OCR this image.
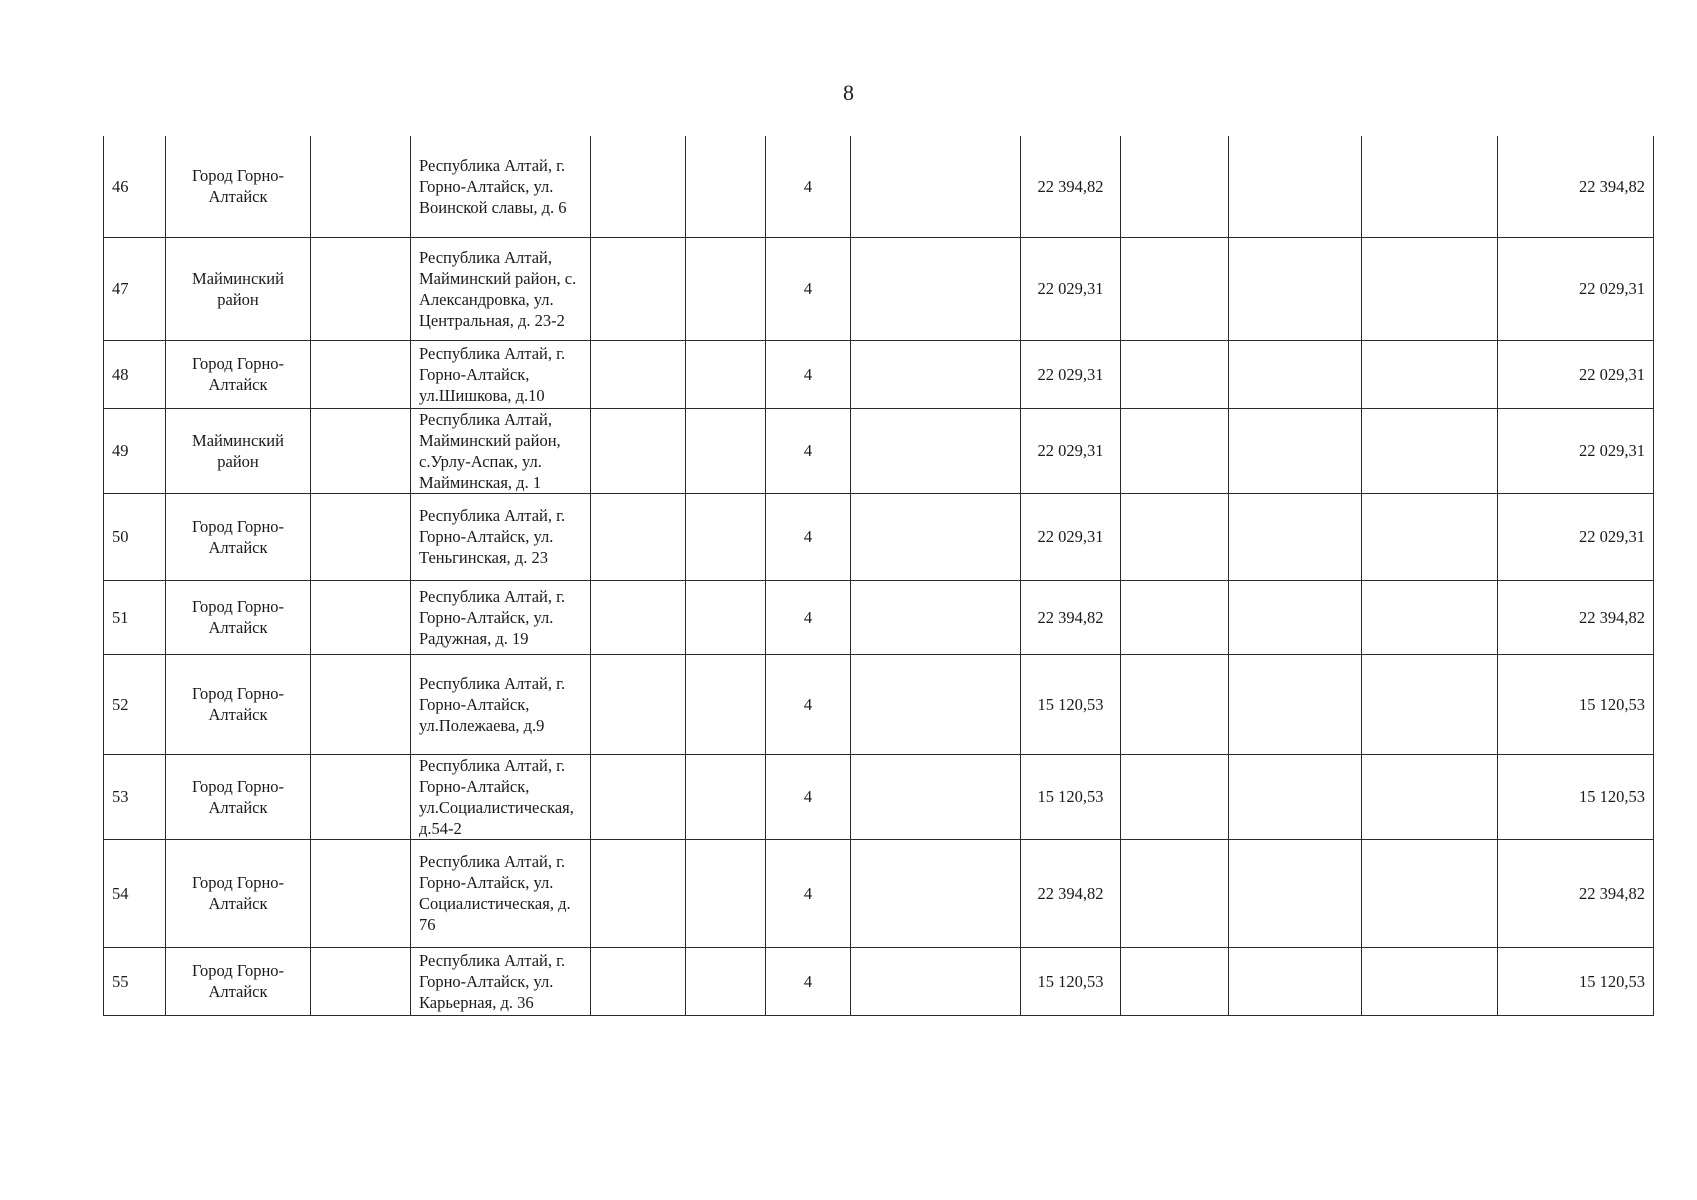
8
46	Город Горно-Алтайск		Республика Алтай, г. Горно-Алтайск, ул. Воинской славы, д. 6			4		22 394,82				22 394,82
47	Майминский район		Республика Алтай, Майминский район, с. Александровка, ул. Центральная, д. 23-2			4		22 029,31				22 029,31
48	Город Горно-Алтайск		Республика Алтай, г. Горно-Алтайск, ул.Шишкова, д.10			4		22 029,31				22 029,31
49	Майминский район		Республика Алтай, Майминский район, с.Урлу-Аспак, ул. Майминская, д. 1			4		22 029,31				22 029,31
50	Город Горно-Алтайск		Республика Алтай, г. Горно-Алтайск, ул. Теньгинская, д. 23			4		22 029,31				22 029,31
51	Город Горно-Алтайск		Республика Алтай, г. Горно-Алтайск, ул. Радужная, д. 19			4		22 394,82				22 394,82
52	Город Горно-Алтайск		Республика Алтай, г. Горно-Алтайск, ул.Полежаева, д.9			4		15 120,53				15 120,53
53	Город Горно-Алтайск		Республика Алтай, г. Горно-Алтайск, ул.Социалистическая, д.54-2			4		15 120,53				15 120,53
54	Город Горно-Алтайск		Республика Алтай, г. Горно-Алтайск, ул. Социалистическая, д. 76			4		22 394,82				22 394,82
55	Город Горно-Алтайск		Республика Алтай, г. Горно-Алтайск, ул. Карьерная, д. 36			4		15 120,53				15 120,53
